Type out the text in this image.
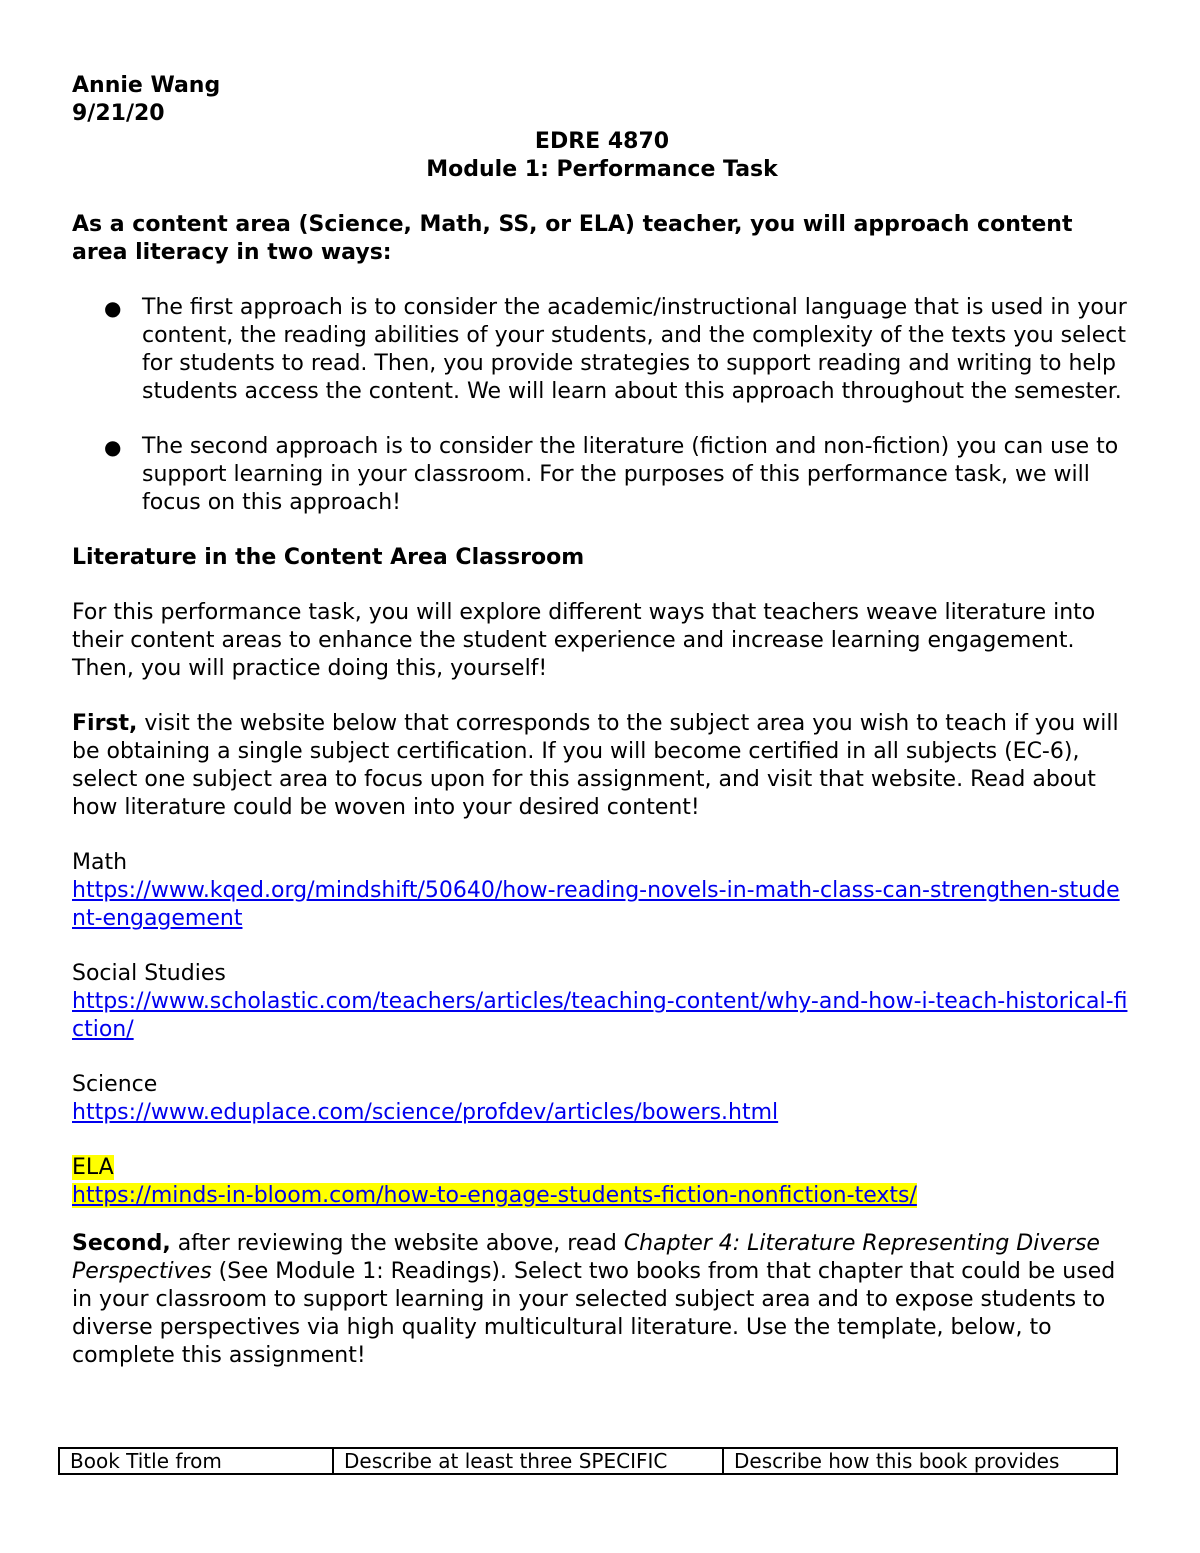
Annie Wang

9/21/20

EDRE 4870

Module 1: Performance Task

As a content area (Science, Math, SS, or ELA) teacher, you will approach content area literacy in two ways:

● The first approach is to consider the academic/instructional language that is used in your content, the reading abilities of your students, and the complexity of the texts you select for students to read. Then, you provide strategies to support reading and writing to help students access the content. We will learn about this approach throughout the semester.
● The second approach is to consider the literature (fiction and non-fiction) you can use to support learning in your classroom. For the purposes of this performance task, we will focus on this approach!

Literature in the Content Area Classroom

For this performance task, you will explore different ways that teachers weave literature into their content areas to enhance the student experience and increase learning engagement. Then, you will practice doing this, yourself!

First, visit the website below that corresponds to the subject area you wish to teach if you will be obtaining a single subject certification. If you will become certified in all subjects (EC-6), select one subject area to focus upon for this assignment, and visit that website. Read about how literature could be woven into your desired content!

Math

https://www.kqed.org/mindshift/50640/how-reading-novels-in-math-class-can-strengthen-student-engagement

Social Studies

https://www.scholastic.com/teachers/articles/teaching-content/why-and-how-i-teach-historical-fiction/

Science

https://www.eduplace.com/science/profdev/articles/bowers.html

ELA

https://minds-in-bloom.com/how-to-engage-students-fiction-nonfiction-texts/

Second, after reviewing the website above, read Chapter 4: Literature Representing Diverse Perspectives (See Module 1: Readings). Select two books from that chapter that could be used in your classroom to support learning in your selected subject area and to expose students to diverse perspectives via high quality multicultural literature. Use the template, below, to complete this assignment!

Book Title from	Describe at least three SPECIFIC	Describe how this book provides
